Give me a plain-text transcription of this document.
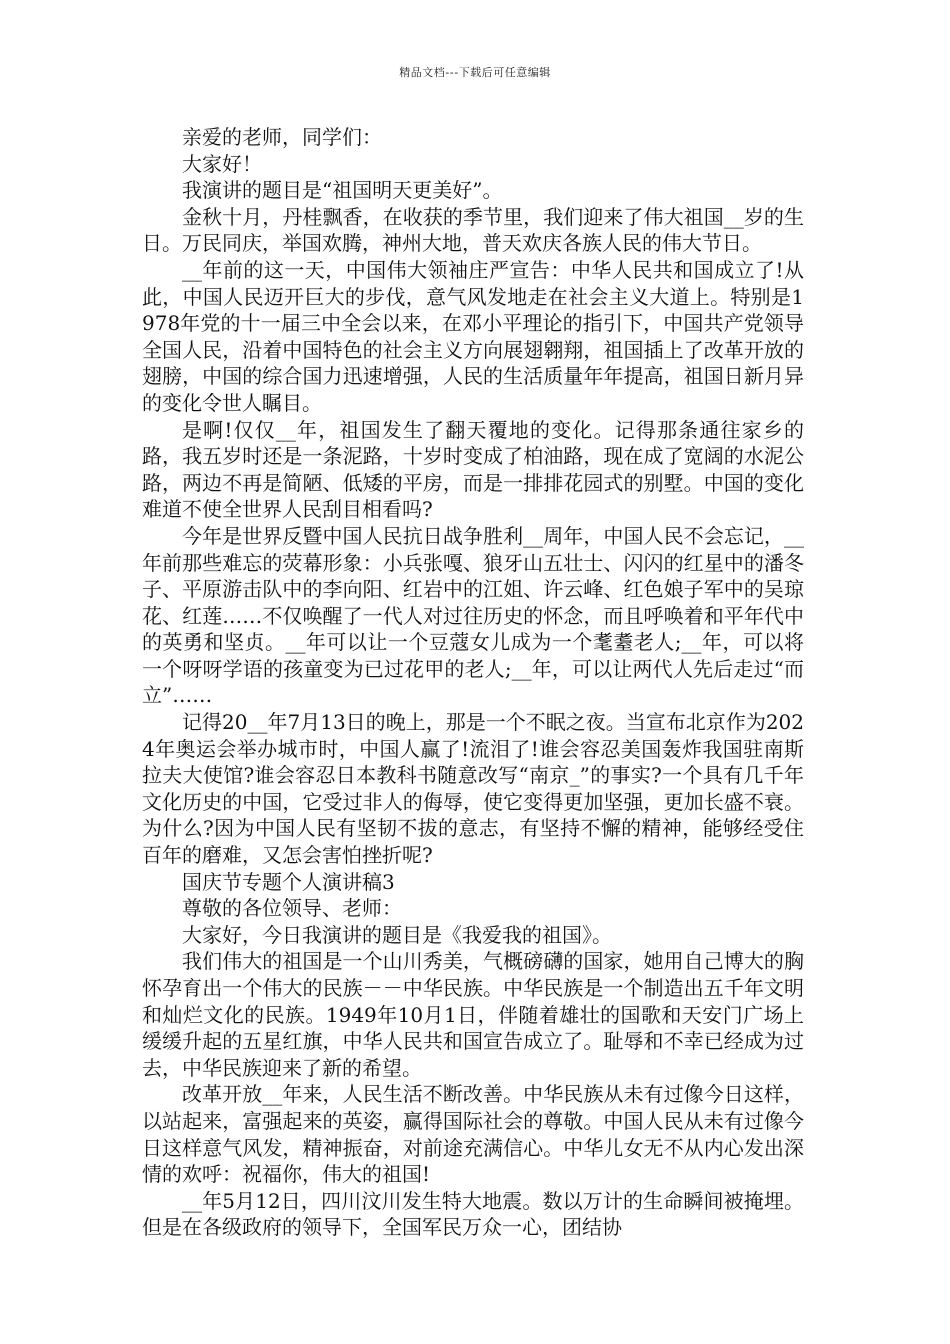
精品文档---下载后可任意编辑

亲爱的老师，同学们：

大家好！

我演讲的题目是“祖国明天更美好”。

金秋十月，丹桂飘香，在收获的季节里，我们迎来了伟大祖国__岁的生日。万民同庆，举国欢腾，神州大地，普天欢庆各族人民的伟大节日。

__年前的这一天，中国伟大领袖庄严宣告：中华人民共和国成立了!从此，中国人民迈开巨大的步伐，意气风发地走在社会主义大道上。特别是1978年党的十一届三中全会以来，在邓小平理论的指引下，中国共产党领导全国人民，沿着中国特色的社会主义方向展翅翱翔，祖国插上了改革开放的翅膀，中国的综合国力迅速增强，人民的生活质量年年提高，祖国日新月异的变化令世人瞩目。

是啊!仅仅__年，祖国发生了翻天覆地的变化。记得那条通往家乡的路，我五岁时还是一条泥路，十岁时变成了柏油路，现在成了宽阔的水泥公路，两边不再是简陋、低矮的平房，而是一排排花园式的别墅。中国的变化难道不使全世界人民刮目相看吗?

今年是世界反暨中国人民抗日战争胜利__周年，中国人民不会忘记，__年前那些难忘的荧幕形象：小兵张嘎、狼牙山五壮士、闪闪的红星中的潘冬子、平原游击队中的李向阳、红岩中的江姐、许云峰、红色娘子军中的吴琼花、红莲……不仅唤醒了一代人对过往历史的怀念，而且呼唤着和平年代中的英勇和坚贞。__年可以让一个豆蔻女儿成为一个耄耋老人;__年，可以将一个呀呀学语的孩童变为已过花甲的老人;__年，可以让两代人先后走过“而立”……

记得20__年7月13日的晚上，那是一个不眠之夜。当宣布北京作为2024年奥运会举办城市时，中国人赢了!流泪了!谁会容忍美国轰炸我国驻南斯拉夫大使馆?谁会容忍日本教科书随意改写“南京_”的事实?一个具有几千年文化历史的中国，它受过非人的侮辱，使它变得更加坚强，更加长盛不衰。为什么?因为中国人民有坚韧不拔的意志，有坚持不懈的精神，能够经受住百年的磨难，又怎会害怕挫折呢?

国庆节专题个人演讲稿3

尊敬的各位领导、老师：

大家好，今日我演讲的题目是《我爱我的祖国》。

我们伟大的祖国是一个山川秀美，气概磅礴的国家，她用自己博大的胸怀孕育出一个伟大的民族－－中华民族。中华民族是一个制造出五千年文明和灿烂文化的民族。1949年10月1日，伴随着雄壮的国歌和天安门广场上缓缓升起的五星红旗，中华人民共和国宣告成立了。耻辱和不幸已经成为过去，中华民族迎来了新的希望。

改革开放__年来，人民生活不断改善。中华民族从未有过像今日这样，以站起来，富强起来的英姿，赢得国际社会的尊敬。中国人民从未有过像今日这样意气风发，精神振奋，对前途充满信心。中华儿女无不从内心发出深情的欢呼：祝福你，伟大的祖国!

__年5月12日，四川汶川发生特大地震。数以万计的生命瞬间被掩埋。但是在各级政府的领导下，全国军民万众一心，团结协
